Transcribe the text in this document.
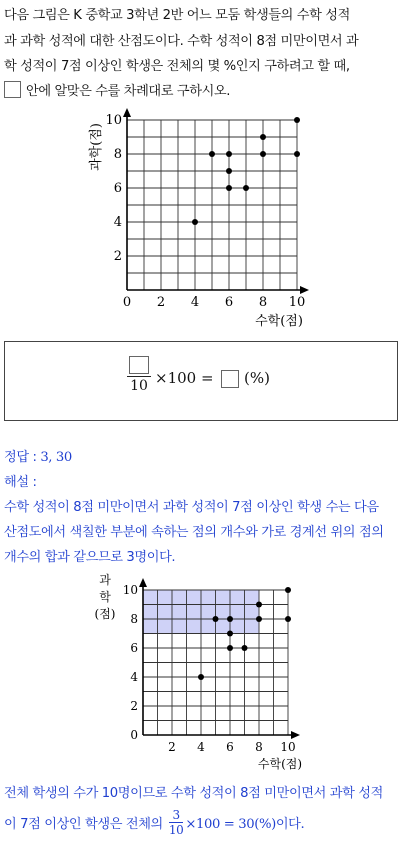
다음 그림은 K 중학교 3학년 2반 어느 모둠 학생들의 수학 성적
과 과학 성적에 대한 산점도이다. 수학 성적이 8점 미만이면서 과
학 성적이 7점 이상인 학생은 전체의 몇 %인지 구하려고 할 때,
안에 알맞은 수를 차례대로 구하시오.
0 2 4 6 8 10
2
4
6
8
10
수학(점)
과학(점)
10 ×100 = (%)
정답 : 3, 30
해설 :
수학 성적이 8점 미만이면서 과학 성적이 7점 이상인 학생 수는 다음
산점도에서 색칠한 부분에 속하는 점의 개수와 가로 경계선 위의 점의
개수의 합과 같으므로 3명이다.
2 4 6 8 10
0
2
4
6
8
10
수학(점)
과
학
(점)
전체 학생의 수가 10명이므로 수학 성적이 8점 미만이면서 과학 성적
이 7점 이상인 학생은 전체의 $\frac{3}{10} \times 100 = 30(\%)$이다.
